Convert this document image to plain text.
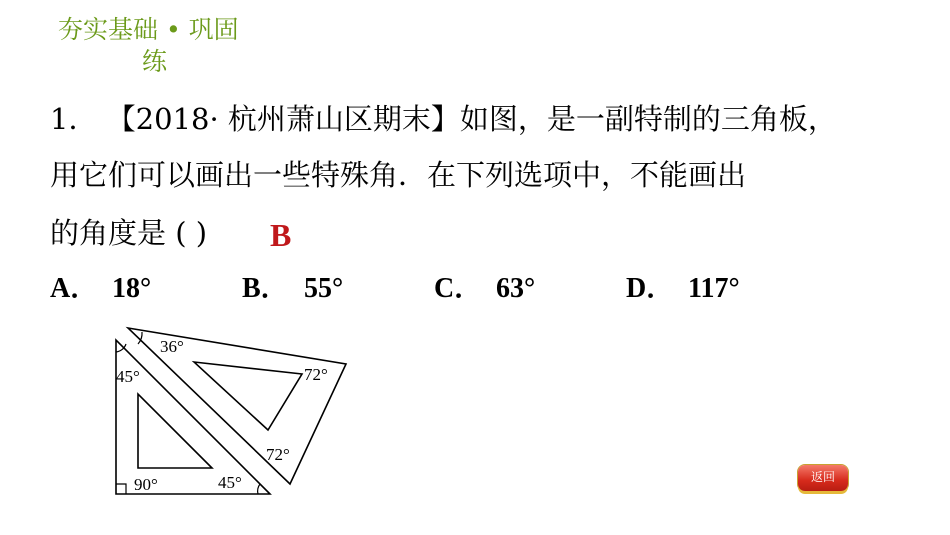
夯实基础 • 巩固
练
1． 【2018· 杭州萧山区期末】如图，是一副特制的三角板，
用它们可以画出一些特殊角．在下列选项中，不能画出
的角度是 ( ) B
A． 18°	B． 55°	C． 63°	D． 117°
36°
72°
45°
72°
90°	45°	返回
